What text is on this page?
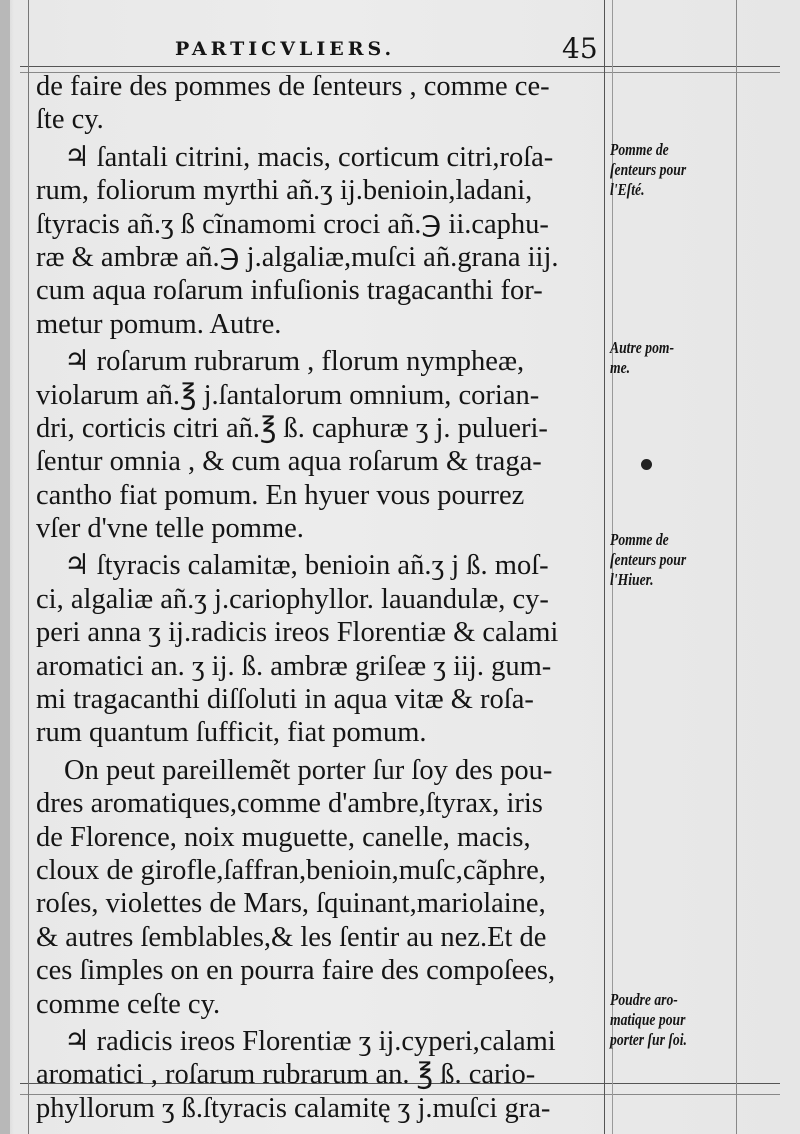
PARTICVLIERS.	45
de faire des pommes de ſenteurs , comme ce-
ſte cy.
♃ ſantali citrini, macis, corticum citri,roſa-
rum, foliorum myrthi añ.ʒ ij.benioin,ladani,
ſtyracis añ.ʒ ß cĩnamomi croci añ.℈ ii.caphu-
ræ & ambræ añ.℈ j.algaliæ,muſci añ.grana iij.
cum aqua roſarum infuſionis tragacanthi for-
metur pomum. Autre.
♃ roſarum rubrarum , florum nympheæ,
violarum añ.℥ j.ſantalorum omnium, corian-
dri, corticis citri añ.℥ ß. caphuræ ʒ j. pulueri-
ſentur omnia , & cum aqua roſarum & traga-
cantho fiat pomum. En hyuer vous pourrez
vſer d'vne telle pomme.
♃ ſtyracis calamitæ, benioin añ.ʒ j ß. moſ-
ci, algaliæ añ.ʒ j.cariophyllor. lauandulæ, cy-
peri anna ʒ ij.radicis ireos Florentiæ & calami
aromatici an. ʒ ij. ß. ambræ griſeæ ʒ iij. gum-
mi tragacanthi diſſoluti in aqua vitæ & roſa-
rum quantum ſufficit, fiat pomum.
On peut pareillemẽt porter ſur ſoy des pou-
dres aromatiques,comme d'ambre,ſtyrax, iris
de Florence, noix muguette, canelle, macis,
cloux de girofle,ſaffran,benioin,muſc,cãphre,
roſes, violettes de Mars, ſquinant,mariolaine,
& autres ſemblables,& les ſentir au nez.Et de
ces ſimples on en pourra faire des compoſees,
comme ceſte cy.
♃ radicis ireos Florentiæ ʒ ij.cyperi,calami
aromatici , roſarum rubrarum an. ℥ ß. cario-
phyllorum ʒ ß.ſtyracis calamitę ʒ j.muſci gra-
Pomme de
ſenteurs pour
l'Eſté.
Autre pom-
me.
Pomme de
ſenteurs pour
l'Hiuer.
Poudre aro-
matique pour
porter ſur ſoi.
